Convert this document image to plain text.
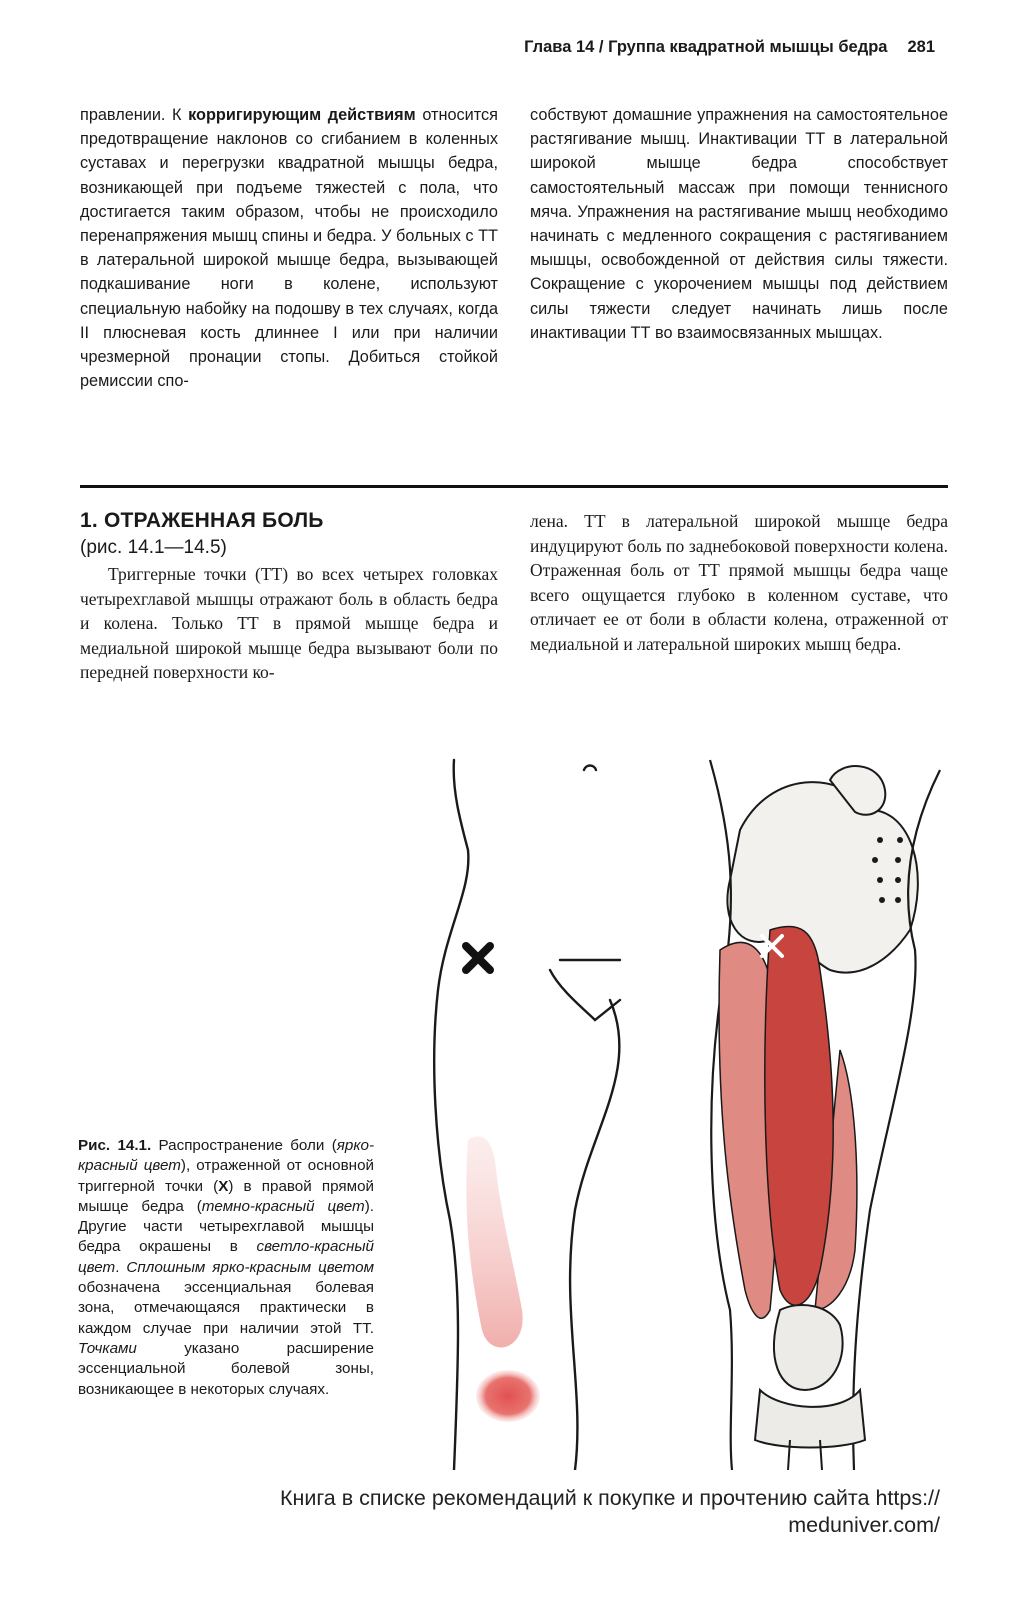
Глава 14 / Группа квадратной мышцы бедра 281

правлении. К корригирующим действиям относится предотвращение наклонов со сгибанием в коленных суставах и перегрузки квадратной мышцы бедра, возникающей при подъеме тяжестей с пола, что достигается таким образом, чтобы не происходило перенапряжения мышц спины и бедра. У больных с ТТ в латеральной широкой мышце бедра, вызывающей подкашивание ноги в колене, используют специальную набойку на подошву в тех случаях, когда II плюсневая кость длиннее I или при наличии чрезмерной пронации стопы. Добиться стойкой ремиссии спо-

собствуют домашние упражнения на самостоятельное растягивание мышц. Инактивации ТТ в латеральной широкой мышце бедра способствует самостоятельный массаж при помощи теннисного мяча. Упражнения на растягивание мышц необходимо начинать с медленного сокращения с растягиванием мышцы, освобожденной от действия силы тяжести. Сокращение с укорочением мышцы под действием силы тяжести следует начинать лишь после инактивации ТТ во взаимосвязанных мышцах.

1. ОТРАЖЕННАЯ БОЛЬ
(рис. 14.1—14.5)

Триггерные точки (ТТ) во всех четырех головках четырехглавой мышцы отражают боль в область бедра и колена. Только ТТ в прямой мышце бедра и медиальной широкой мышце бедра вызывают боли по передней поверхности ко-

лена. ТТ в латеральной широкой мышце бедра индуцируют боль по заднебоковой поверхности колена. Отраженная боль от ТТ прямой мышцы бедра чаще всего ощущается глубоко в коленном суставе, что отличает ее от боли в области колена, отраженной от медиальной и латеральной широких мышц бедра.

Рис. 14.1. Распространение боли (ярко-красный цвет), отраженной от основной триггерной точки (X) в правой прямой мышце бедра (темно-красный цвет). Другие части четырехглавой мышцы бедра окрашены в светло-красный цвет. Сплошным ярко-красным цветом обозначена эссенциальная болевая зона, отмечающаяся практически в каждом случае при наличии этой ТТ. Точками указано расширение эссенциальной болевой зоны, возникающее в некоторых случаях.

Книга в списке рекомендаций к покупке и прочтению сайта https://
meduniver.com/
